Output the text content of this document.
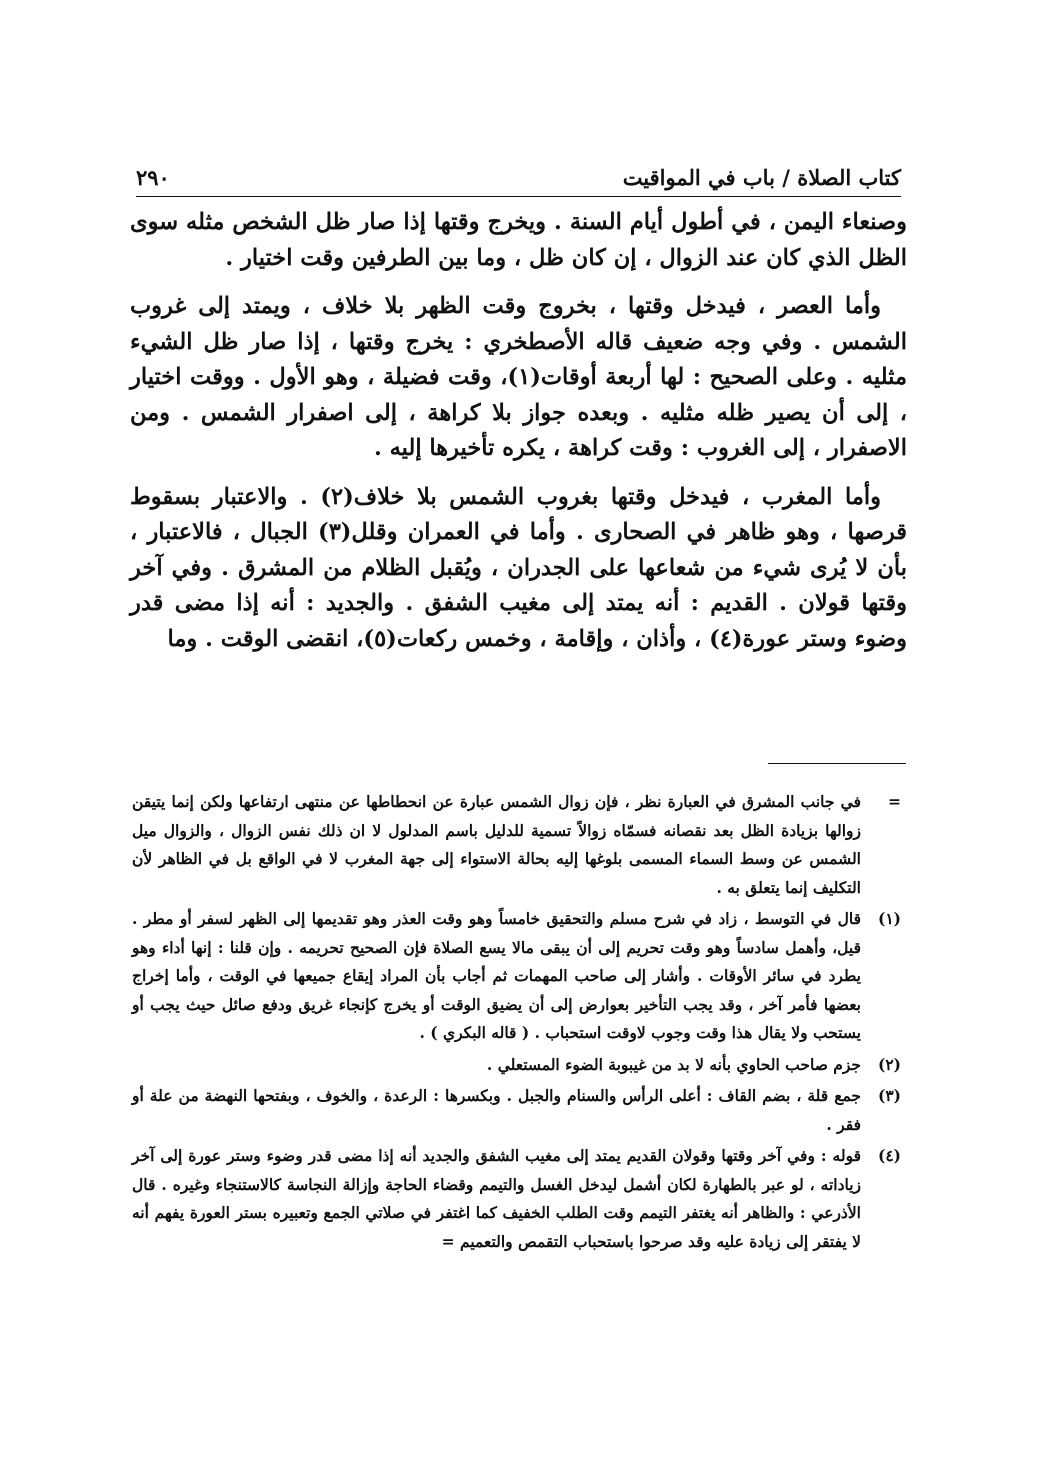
كتاب الصلاة / باب في المواقيت
٢٩٠

وصنعاء اليمن ، في أطول أيام السنة . ويخرج وقتها إذا صار ظل الشخص مثله سوى الظل الذي كان عند الزوال ، إن كان ظل ، وما بين الطرفين وقت اختيار .

وأما العصر ، فيدخل وقتها ، بخروج وقت الظهر بلا خلاف ، ويمتد إلى غروب الشمس . وفي وجه ضعيف قاله الأصطخري : يخرج وقتها ، إذا صار ظل الشيء مثليه . وعلى الصحيح : لها أربعة أوقات(١)، وقت فضيلة ، وهو الأول . ووقت اختيار ، إلى أن يصير ظله مثليه . وبعده جواز بلا كراهة ، إلى اصفرار الشمس . ومن الاصفرار ، إلى الغروب : وقت كراهة ، يكره تأخيرها إليه .

وأما المغرب ، فيدخل وقتها بغروب الشمس بلا خلاف(٢) . والاعتبار بسقوط قرصها ، وهو ظاهر في الصحارى . وأما في العمران وقلل(٣) الجبال ، فالاعتبار ، بأن لا يُرى شيء من شعاعها على الجدران ، ويُقبل الظلام من المشرق . وفي آخر وقتها قولان . القديم : أنه يمتد إلى مغيب الشفق . والجديد : أنه إذا مضى قدر وضوء وستر عورة(٤) ، وأذان ، وإقامة ، وخمس ركعات(٥)، انقضى الوقت . وما

=
في جانب المشرق في العبارة نظر ، فإن زوال الشمس عبارة عن انحطاطها عن منتهى ارتفاعها ولكن إنما يتيقن زوالها بزيادة الظل بعد نقصانه فسمّاه زوالاً تسمية للدليل باسم المدلول لا ان ذلك نفس الزوال ، والزوال ميل الشمس عن وسط السماء المسمى بلوغها إليه بحالة الاستواء إلى جهة المغرب لا في الواقع بل في الظاهر لأن التكليف إنما يتعلق به .
(١)
قال في التوسط ، زاد في شرح مسلم والتحقيق خامساً وهو وقت العذر وهو تقديمها إلى الظهر لسفر أو مطر . قيل، وأهمل سادساً وهو وقت تحريم إلى أن يبقى مالا يسع الصلاة فإن الصحيح تحريمه . وإن قلنا : إنها أداء وهو يطرد في سائر الأوقات . وأشار إلى صاحب المهمات ثم أجاب بأن المراد إيقاع جميعها في الوقت ، وأما إخراج بعضها فأمر آخر ، وقد يجب التأخير بعوارض إلى أن يضيق الوقت أو يخرج كإنجاء غريق ودفع صائل حيث يجب أو يستحب ولا يقال هذا وقت وجوب لاوقت استحباب . ( قاله البكري ) .
(٢)
جزم صاحب الحاوي بأنه لا بد من غيبوبة الضوء المستعلي .
(٣)
جمع قلة ، بضم القاف : أعلى الرأس والسنام والجبل . وبكسرها : الرعدة ، والخوف ، وبفتحها النهضة من علة أو فقر .
(٤)
قوله : وفي آخر وقتها وقولان القديم يمتد إلى مغيب الشفق والجديد أنه إذا مضى قدر وضوء وستر عورة إلى آخر زياداته ، لو عبر بالطهارة لكان أشمل ليدخل الغسل والتيمم وقضاء الحاجة وإزالة النجاسة كالاستنجاء وغيره . قال الأذرعي : والظاهر أنه يغتفر التيمم وقت الطلب الخفيف كما اغتفر في صلاتي الجمع وتعبيره بستر العورة يفهم أنه لا يفتقر إلى زيادة عليه وقد صرحوا باستحباب التقمص والتعميم =
